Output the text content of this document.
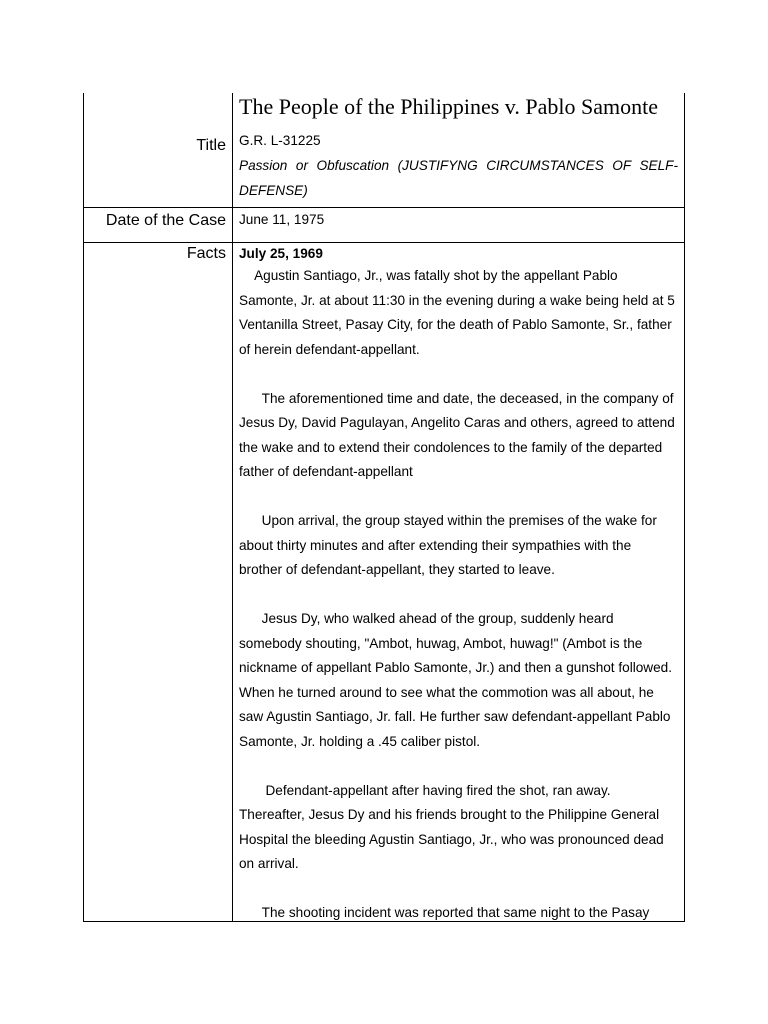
Title
The People of the Philippines v. Pablo Samonte
G.R. L-31225
Passion or Obfuscation (JUSTIFYNG CIRCUMSTANCES OF SELF-DEFENSE)
Date of the Case June 11, 1975
Facts July 25, 1969

Agustin Santiago, Jr., was fatally shot by the appellant Pablo Samonte, Jr. at about 11:30 in the evening during a wake being held at 5 Ventanilla Street, Pasay City, for the death of Pablo Samonte, Sr., father of herein defendant-appellant.

The aforementioned time and date, the deceased, in the company of Jesus Dy, David Pagulayan, Angelito Caras and others, agreed to attend the wake and to extend their condolences to the family of the departed father of defendant-appellant

Upon arrival, the group stayed within the premises of the wake for about thirty minutes and after extending their sympathies with the brother of defendant-appellant, they started to leave.

Jesus Dy, who walked ahead of the group, suddenly heard somebody shouting, "Ambot, huwag, Ambot, huwag!" (Ambot is the nickname of appellant Pablo Samonte, Jr.) and then a gunshot followed. When he turned around to see what the commotion was all about, he saw Agustin Santiago, Jr. fall. He further saw defendant-appellant Pablo Samonte, Jr. holding a .45 caliber pistol.

Defendant-appellant after having fired the shot, ran away. Thereafter, Jesus Dy and his friends brought to the Philippine General Hospital the bleeding Agustin Santiago, Jr., who was pronounced dead on arrival.

The shooting incident was reported that same night to the Pasay
